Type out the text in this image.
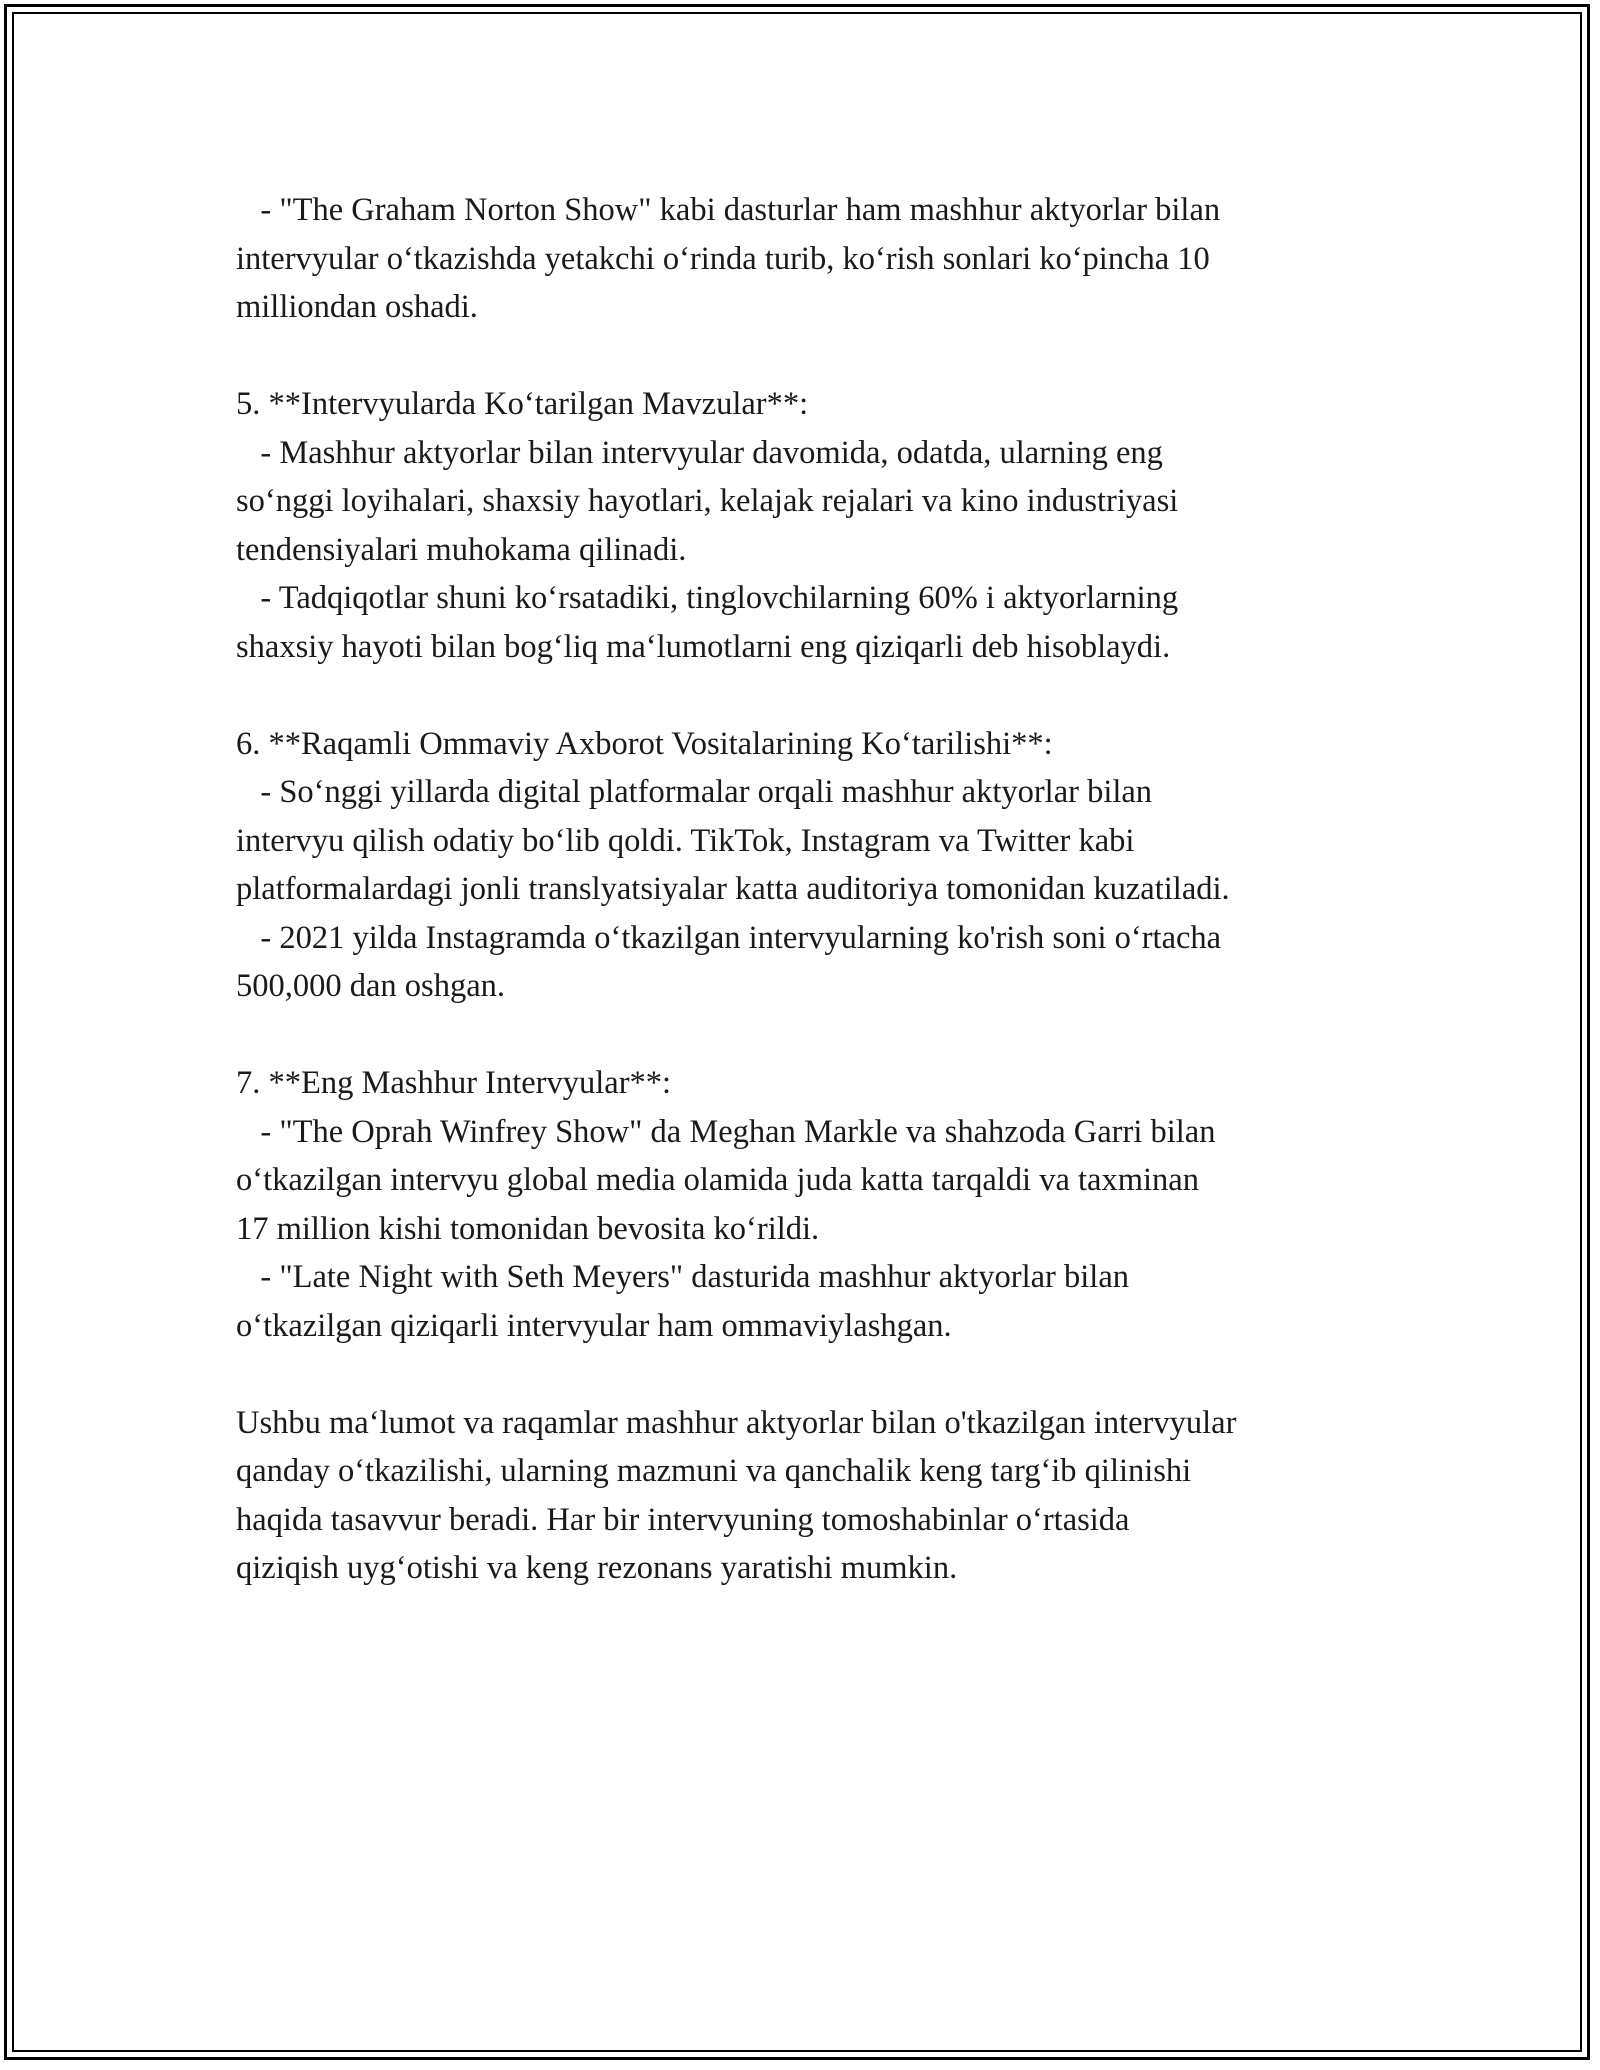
- "The Graham Norton Show" kabi dasturlar ham mashhur aktyorlar bilan
intervyular o‘tkazishda yetakchi o‘rinda turib, ko‘rish sonlari ko‘pincha 10
milliondan oshadi.
5. **Intervyularda Ko‘tarilgan Mavzular**:
- Mashhur aktyorlar bilan intervyular davomida, odatda, ularning eng
so‘nggi loyihalari, shaxsiy hayotlari, kelajak rejalari va kino industriyasi
tendensiyalari muhokama qilinadi.
- Tadqiqotlar shuni ko‘rsatadiki, tinglovchilarning 60% i aktyorlarning
shaxsiy hayoti bilan bog‘liq ma‘lumotlarni eng qiziqarli deb hisoblaydi.
6. **Raqamli Ommaviy Axborot Vositalarining Ko‘tarilishi**:
- So‘nggi yillarda digital platformalar orqali mashhur aktyorlar bilan
intervyu qilish odatiy bo‘lib qoldi. TikTok, Instagram va Twitter kabi
platformalardagi jonli translyatsiyalar katta auditoriya tomonidan kuzatiladi.
- 2021 yilda Instagramda o‘tkazilgan intervyularning ko'rish soni o‘rtacha
500,000 dan oshgan.
7. **Eng Mashhur Intervyular**:
- "The Oprah Winfrey Show" da Meghan Markle va shahzoda Garri bilan
o‘tkazilgan intervyu global media olamida juda katta tarqaldi va taxminan
17 million kishi tomonidan bevosita ko‘rildi.
- "Late Night with Seth Meyers" dasturida mashhur aktyorlar bilan
o‘tkazilgan qiziqarli intervyular ham ommaviylashgan.
Ushbu ma‘lumot va raqamlar mashhur aktyorlar bilan o'tkazilgan intervyular
qanday o‘tkazilishi, ularning mazmuni va qanchalik keng targ‘ib qilinishi
haqida tasavvur beradi. Har bir intervyuning tomoshabinlar o‘rtasida
qiziqish uyg‘otishi va keng rezonans yaratishi mumkin.
